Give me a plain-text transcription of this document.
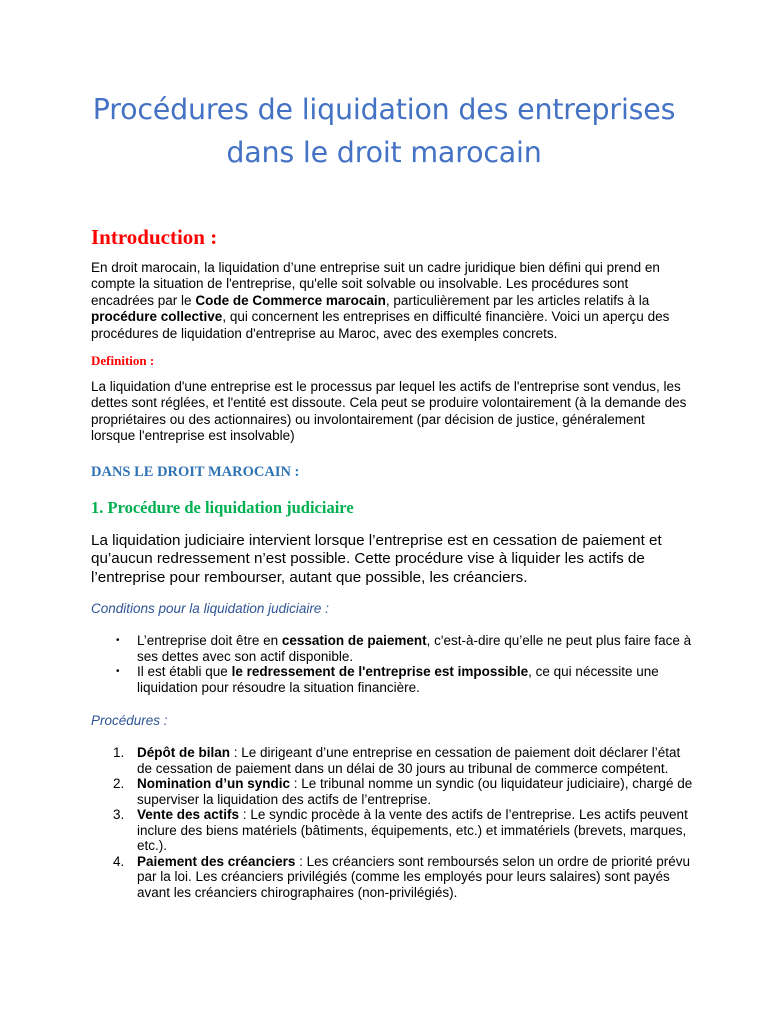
Procédures de liquidation des entreprises
dans le droit marocain
Introduction :

En droit marocain, la liquidation d’une entreprise suit un cadre juridique bien défini qui prend en compte la situation de l'entreprise, qu'elle soit solvable ou insolvable. Les procédures sont encadrées par le Code de Commerce marocain, particulièrement par les articles relatifs à la procédure collective, qui concernent les entreprises en difficulté financière. Voici un aperçu des procédures de liquidation d'entreprise au Maroc, avec des exemples concrets.

Definition :

La liquidation d'une entreprise est le processus par lequel les actifs de l'entreprise sont vendus, les dettes sont réglées, et l'entité est dissoute. Cela peut se produire volontairement (à la demande des propriétaires ou des actionnaires) ou involontairement (par décision de justice, généralement lorsque l'entreprise est insolvable)

DANS LE DROIT MAROCAIN :
1. Procédure de liquidation judiciaire

La liquidation judiciaire intervient lorsque l’entreprise est en cessation de paiement et qu’aucun redressement n’est possible. Cette procédure vise à liquider les actifs de l’entreprise pour rembourser, autant que possible, les créanciers.

Conditions pour la liquidation judiciaire :

•	L’entreprise doit être en cessation de paiement, c'est-à-dire qu’elle ne peut plus faire face à ses dettes avec son actif disponible.
•	Il est établi que le redressement de l'entreprise est impossible, ce qui nécessite une liquidation pour résoudre la situation financière.

Procédures :

1. Dépôt de bilan : Le dirigeant d’une entreprise en cessation de paiement doit déclarer l’état de cessation de paiement dans un délai de 30 jours au tribunal de commerce compétent.
2. Nomination d’un syndic : Le tribunal nomme un syndic (ou liquidateur judiciaire), chargé de superviser la liquidation des actifs de l’entreprise.
3. Vente des actifs : Le syndic procède à la vente des actifs de l’entreprise. Les actifs peuvent inclure des biens matériels (bâtiments, équipements, etc.) et immatériels (brevets, marques, etc.).
4. Paiement des créanciers : Les créanciers sont remboursés selon un ordre de priorité prévu par la loi. Les créanciers privilégiés (comme les employés pour leurs salaires) sont payés avant les créanciers chirographaires (non-privilégiés).
